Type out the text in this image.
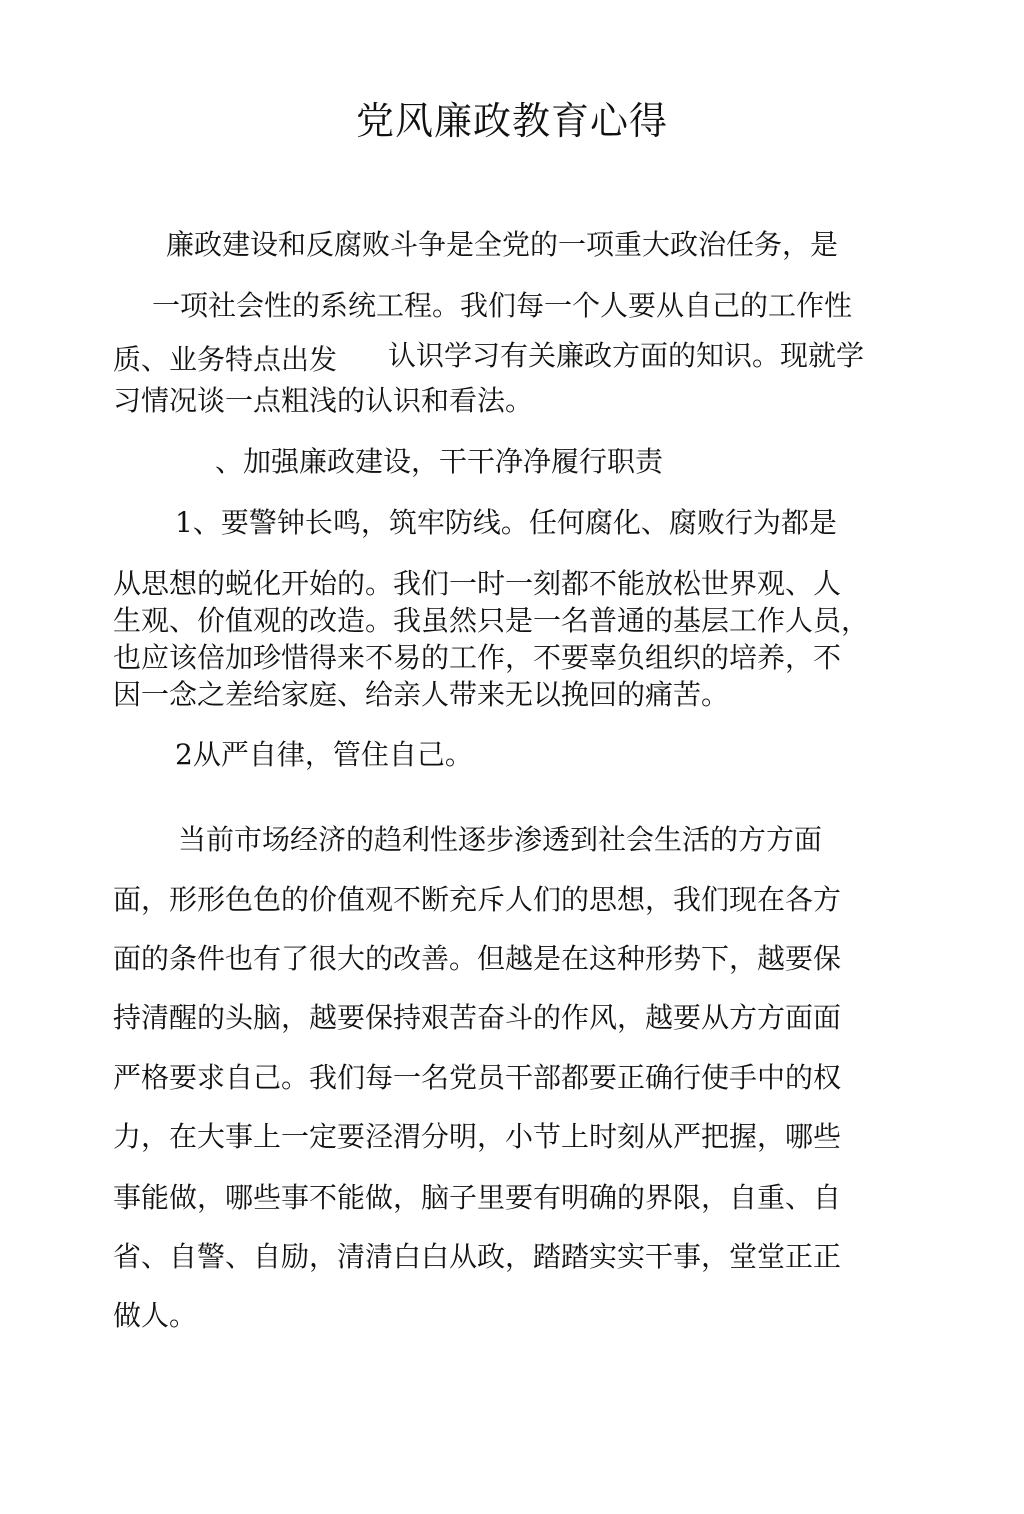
党风廉政教育心得
廉政建设和反腐败斗争是全党的一项重大政治任务，是
一项社会性的系统工程。我们每一个人要从自己的工作性
质、业务特点出发 认识学习有关廉政方面的知识。现就学
习情况谈一点粗浅的认识和看法。
、加强廉政建设，干干净净履行职责
1、要警钟长鸣，筑牢防线。任何腐化、腐败行为都是
从思想的蜕化开始的。我们一时一刻都不能放松世界观、人
生观、价值观的改造。我虽然只是一名普通的基层工作人员，
也应该倍加珍惜得来不易的工作，不要辜负组织的培养，不
因一念之差给家庭、给亲人带来无以挽回的痛苦。
2从严自律，管住自己。
当前市场经济的趋利性逐步渗透到社会生活的方方面
面，形形色色的价值观不断充斥人们的思想，我们现在各方
面的条件也有了很大的改善。但越是在这种形势下，越要保
持清醒的头脑，越要保持艰苦奋斗的作风，越要从方方面面
严格要求自己。我们每一名党员干部都要正确行使手中的权
力，在大事上一定要泾渭分明，小节上时刻从严把握，哪些
事能做，哪些事不能做，脑子里要有明确的界限，自重、自
省、自警、自励，清清白白从政，踏踏实实干事，堂堂正正
做人。
